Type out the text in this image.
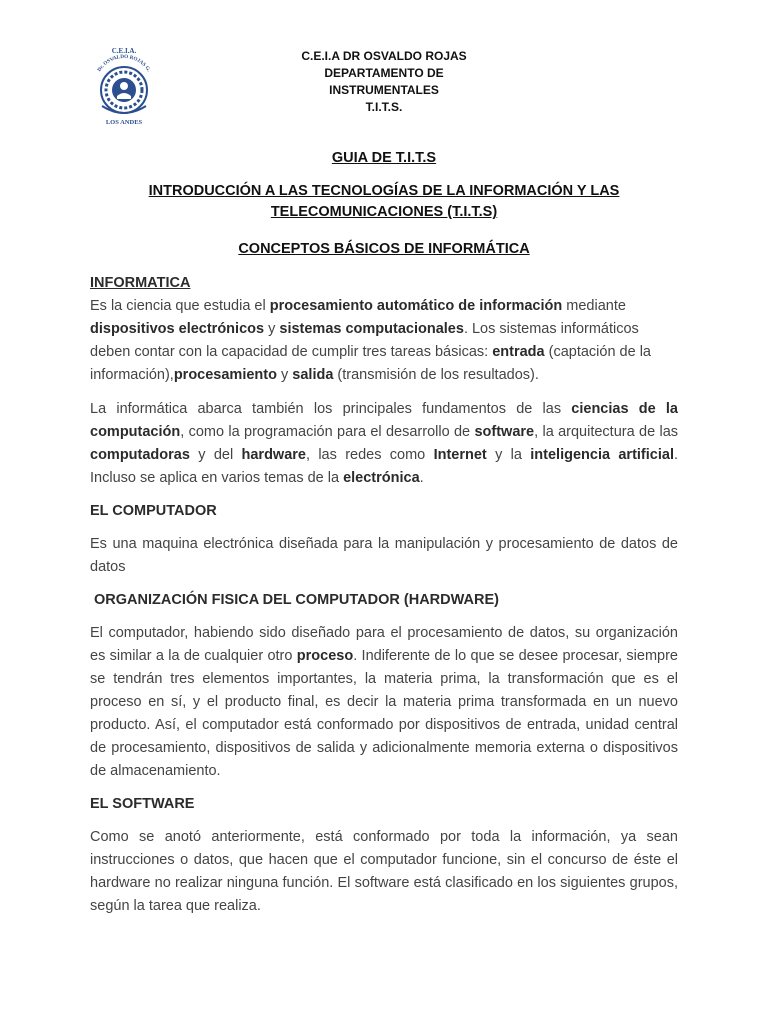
C.E.I.A.
Dr. OSVALDO ROJAS G.
LOS ANDES
C.E.I.A DR OSVALDO ROJAS
DEPARTAMENTO DE
INSTRUMENTALES
T.I.T.S.
GUIA DE T.I.T.S
INTRODUCCIÓN A LAS TECNOLOGÍAS DE LA INFORMACIÓN Y LAS
TELECOMUNICACIONES (T.I.T.S)
CONCEPTOS BÁSICOS DE INFORMÁTICA
INFORMATICA

Es la ciencia que estudia el procesamiento automático de información mediante dispositivos electrónicos y sistemas computacionales. Los sistemas informáticos deben contar con la capacidad de cumplir tres tareas básicas: entrada (captación de la información),procesamiento y salida (transmisión de los resultados).

La informática abarca también los principales fundamentos de las ciencias de la computación, como la programación para el desarrollo de software, la arquitectura de las computadoras y del hardware, las redes como Internet y la inteligencia artificial. Incluso se aplica en varios temas de la electrónica.

EL COMPUTADOR

Es una maquina electrónica diseñada para la manipulación y procesamiento de datos de datos

ORGANIZACIÓN FISICA DEL COMPUTADOR (HARDWARE)

El computador, habiendo sido diseñado para el procesamiento de datos, su organización es similar a la de cualquier otro proceso. Indiferente de lo que se desee procesar, siempre se tendrán tres elementos importantes, la materia prima, la transformación que es el proceso en sí, y el producto final, es decir la materia prima transformada en un nuevo producto. Así, el computador está conformado por dispositivos de entrada, unidad central de procesamiento, dispositivos de salida y adicionalmente memoria externa o dispositivos de almacenamiento.

EL SOFTWARE

Como se anotó anteriormente, está conformado por toda la información, ya sean instrucciones o datos, que hacen que el computador funcione, sin el concurso de éste el hardware no realizar ninguna función. El software está clasificado en los siguientes grupos, según la tarea que realiza.
